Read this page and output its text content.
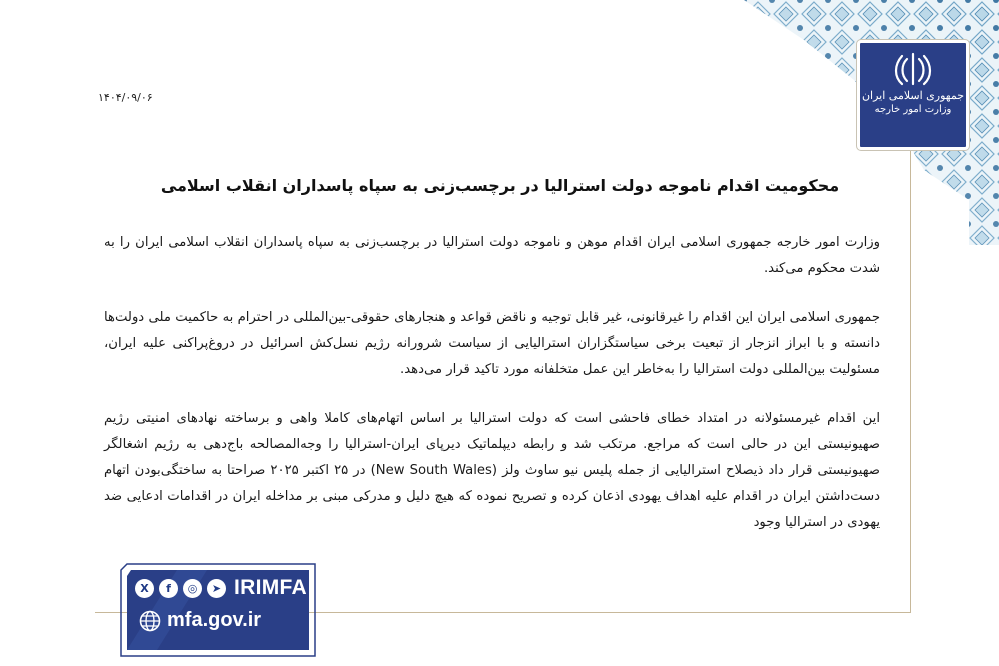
جمهوری اسلامی ایران
وزارت امور خارجه
۱۴۰۴/۰۹/۰۶
محکومیت اقدام ناموجه دولت استرالیا در برچسب‌زنی به سپاه پاسداران انقلاب اسلامی

وزارت امور خارجه جمهوری اسلامی ایران اقدام موهن و ناموجه دولت استرالیا در برچسب‌زنی به سپاه پاسداران انقلاب اسلامی ایران را به شدت محکوم می‌کند.

جمهوری اسلامی ایران این اقدام را غیرقانونی، غیر قابل توجیه و ناقض قواعد و هنجارهای حقوقی-بین‌المللی در احترام به حاکمیت ملی دولت‌ها دانسته و با ابراز انزجار از تبعیت برخی سیاستگزاران استرالیایی از سیاست شرورانه رژیم نسل‌کش اسرائیل در دروغ‌پراکنی علیه ایران، مسئولیت بین‌المللی دولت استرالیا را به‌خاطر این عمل متخلفانه مورد تاکید قرار می‌دهد.

این اقدام غیرمسئولانه در امتداد خطای فاحشی است که دولت استرالیا بر اساس اتهام‌های کاملا واهی و برساخته نهادهای امنیتی رژیم صهیونیستی این در حالی است که مراجع. مرتکب شد و رابطه دیپلماتیک دیرپای ایران-استرالیا را وجه‌المصالحه باج‌دهی به رژیم اشغالگر صهیونیستی قرار داد ذیصلاح استرالیایی از جمله پلیس نیو ساوث ولز (New South Wales) در ۲۵ اکتبر ۲۰۲۵ صراحتا به ساختگی‌بودن اتهام دست‌داشتن ایران در اقدام علیه اهداف یهودی اذعان کرده و تصریح نموده که هیچ دلیل و مدرکی مبنی بر مداخله ایران در اقدامات ادعایی ضد یهودی در استرالیا وجود

X	f	◎	➤ IRIMFA
mfa.gov.ir
